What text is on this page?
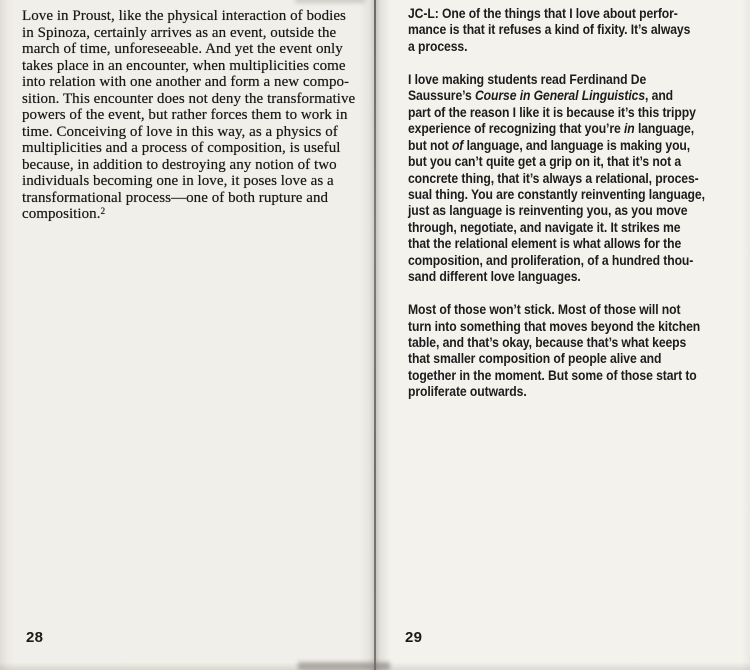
Love in Proust, like the physical interaction of bodies
in Spinoza, certainly arrives as an event, outside the
march of time, unforeseeable. And yet the event only
takes place in an encounter, when multiplicities come
into relation with one another and form a new compo-
sition. This encounter does not deny the transformative
powers of the event, but rather forces them to work in
time. Conceiving of love in this way, as a physics of
multiplicities and a process of composition, is useful
because, in addition to destroying any notion of two
individuals becoming one in love, it poses love as a
transformational process—one of both rupture and
composition.$^2$
28
JC-L: One of the things that I love about perfor-
mance is that it refuses a kind of fixity. It’s always
a process.
I love making students read Ferdinand De
Saussure’s Course in General Linguistics, and
part of the reason I like it is because it’s this trippy
experience of recognizing that you’re in language,
but not of language, and language is making you,
but you can’t quite get a grip on it, that it’s not a
concrete thing, that it’s always a relational, proces-
sual thing. You are constantly reinventing language,
just as language is reinventing you, as you move
through, negotiate, and navigate it. It strikes me
that the relational element is what allows for the
composition, and proliferation, of a hundred thou-
sand different love languages.
Most of those won’t stick. Most of those will not
turn into something that moves beyond the kitchen
table, and that’s okay, because that’s what keeps
that smaller composition of people alive and
together in the moment. But some of those start to
proliferate outwards.
29
